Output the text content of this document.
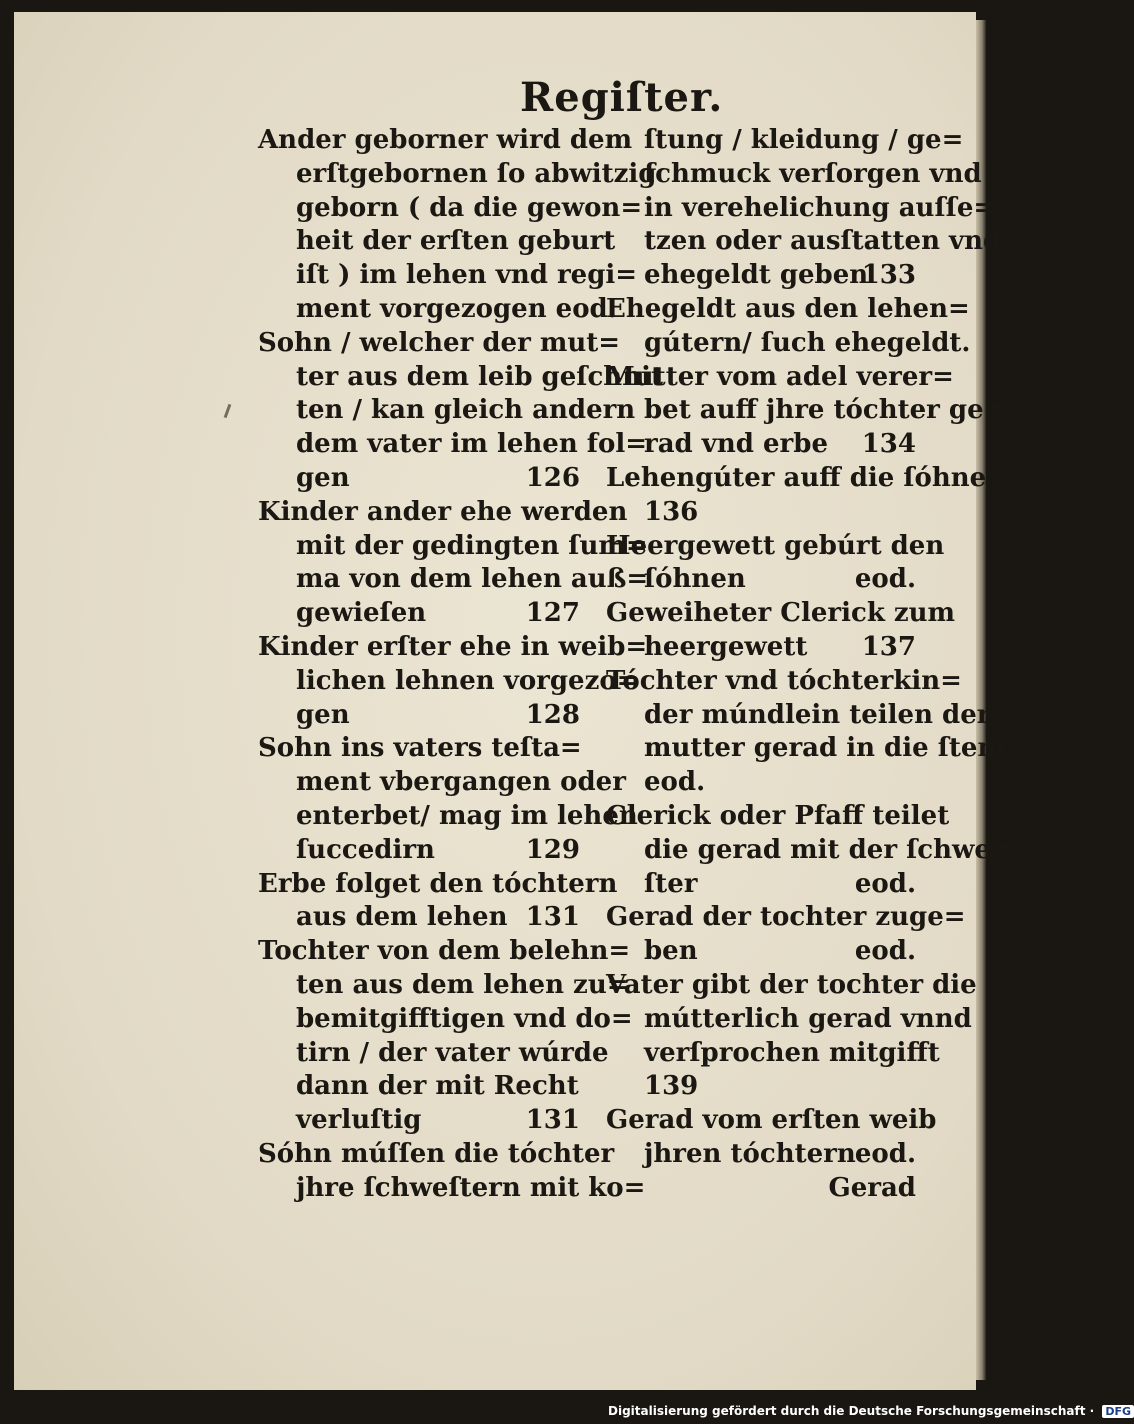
Regiſter.
Ander geborner wird dem
erſtgebornen ſo abwitzig
geborn ( da die gewon=
heit der erſten geburt
iſt ) im lehen vnd regi=
ment vorgezogen eod.
Sohn / welcher der mut=
ter aus dem leib geſchnit
ten / kan gleich andern
dem vater im lehen fol=
gen	126
Kinder ander ehe werden
mit der gedingten ſum=
ma von dem lehen auß=
gewieſen	127
Kinder erſter ehe in weib=
lichen lehnen vorgezo=
gen	128
Sohn ins vaters teſta=
ment vbergangen oder
enterbet/ mag im lehen
ſuccedirn	129
Erbe folget den tóchtern
aus dem lehen 131
Tochter von dem belehn=
ten aus dem lehen zu=
bemitgifftigen vnd do=
tirn / der vater wúrde
dann der mit Recht
verluſtig	131
Sóhn múſſen die tóchter
jhre ſchweſtern mit ko=
ſtung / kleidung / ge=
ſchmuck verſorgen vnd
in verehelichung auſſe=
tzen oder ausſtatten vnd
ehegeldt geben
133
Ehegeldt aus den lehen=
gútern/ ſuch ehegeldt.
Mutter vom adel verer=
bet auff jhre tóchter ge=
rad vnd erbe 134
Lehengúter auff die ſóhne
136
Heergewett gebúrt den
ſóhnen	eod.
Geweiheter Clerick zum
heergewett 137
Tóchter vnd tóchterkin=
der múndlein teilen der
mutter gerad in die ſtem
eod.
Clerick oder Pfaff teilet
die gerad mit der ſchwe=
ſter	eod.
Gerad der tochter zuge=
ben	eod.
Vater gibt der tochter die
mútterlich gerad vnnd
verſprochen mitgifft
139
Gerad vom erſten weib
jhren tóchtern eod.
Gerad
Digitalisierung gefördert durch die Deutsche Forschungsgemeinschaft · DFG
